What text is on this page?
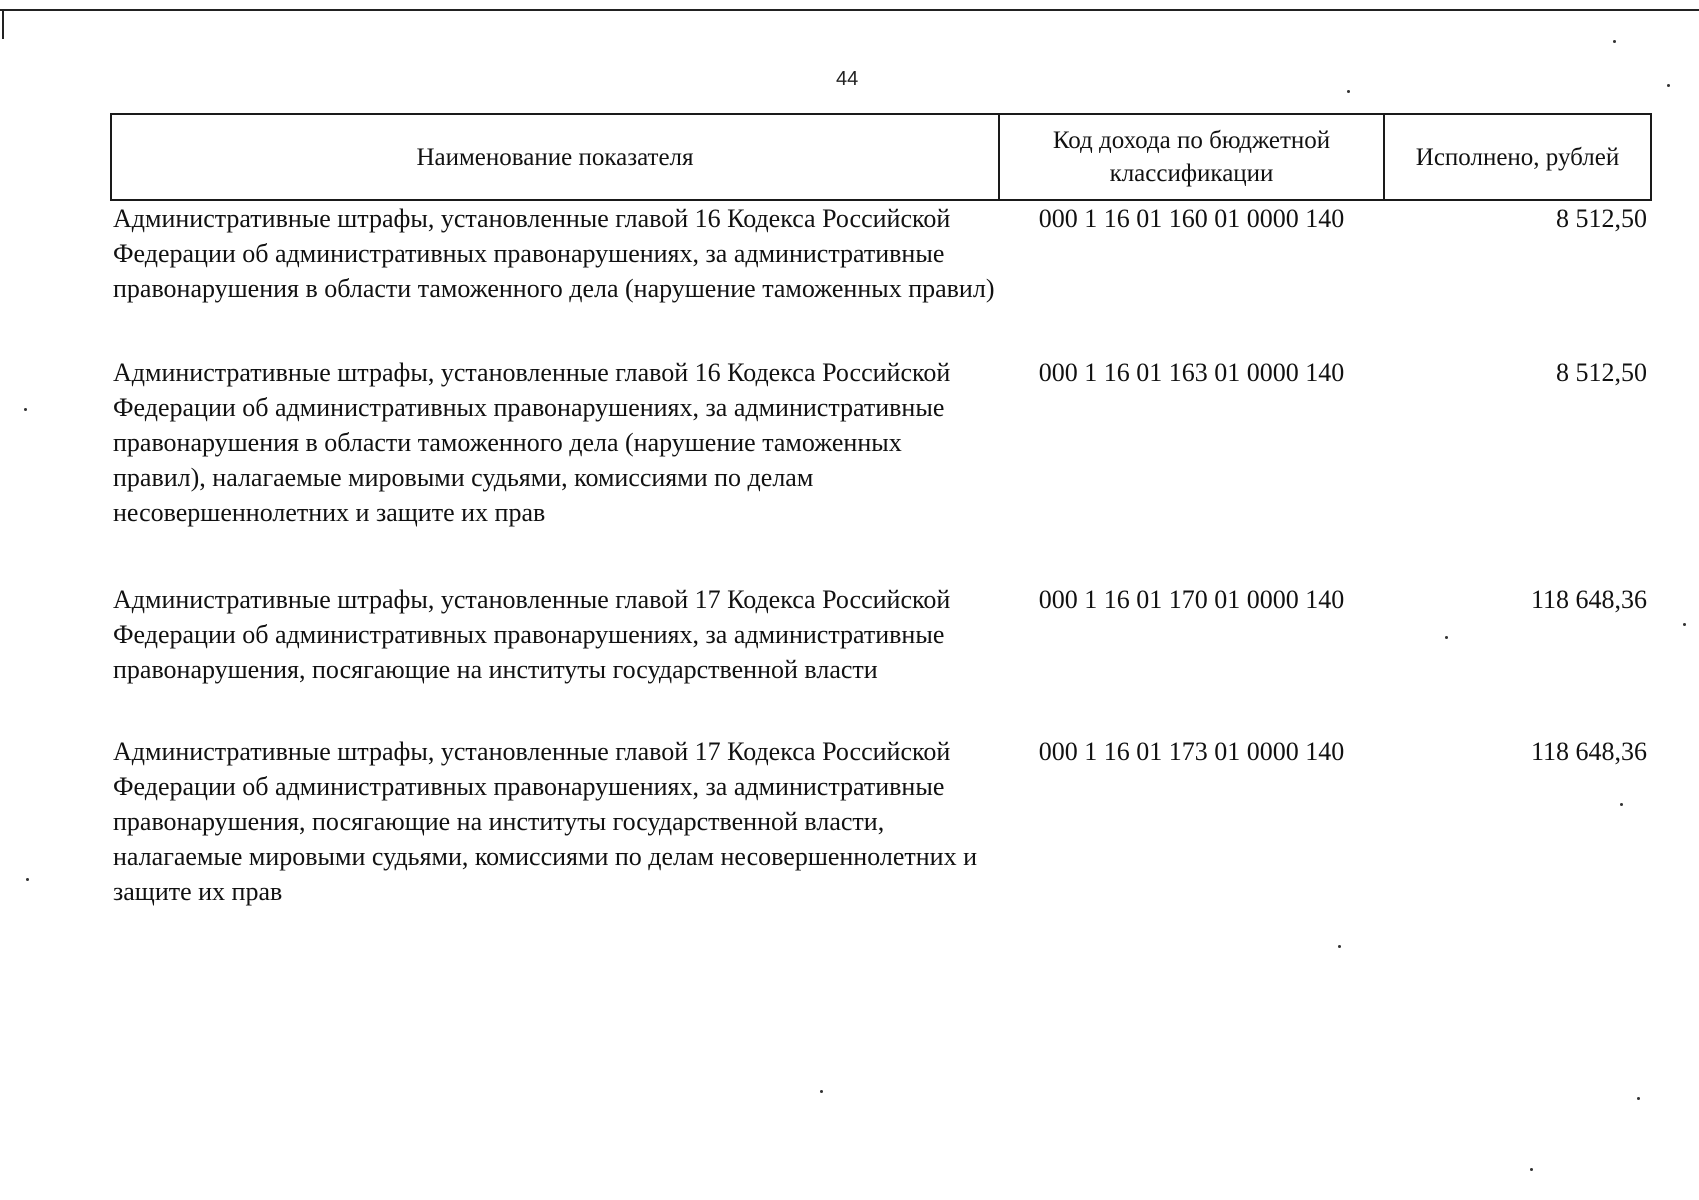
44
Наименование показателя	Код дохода по бюджетной классификации	Исполнено, рублей
Административные штрафы, установленные главой 16 Кодекса Российской Федерации об административных правонарушениях, за административные правонарушения в области таможенного дела (нарушение таможенных правил)	000 1 16 01 160 01 0000 140	8 512,50
Административные штрафы, установленные главой 16 Кодекса Российской Федерации об административных правонарушениях, за административные правонарушения в области таможенного дела (нарушение таможенных правил), налагаемые мировыми судьями, комиссиями по делам несовершеннолетних и защите их прав	000 1 16 01 163 01 0000 140	8 512,50
Административные штрафы, установленные главой 17 Кодекса Российской Федерации об административных правонарушениях, за административные правонарушения, посягающие на институты государственной власти	000 1 16 01 170 01 0000 140	118 648,36
Административные штрафы, установленные главой 17 Кодекса Российской Федерации об административных правонарушениях, за административные правонарушения, посягающие на институты государственной власти, налагаемые мировыми судьями, комиссиями по делам несовершеннолетних и защите их прав	000 1 16 01 173 01 0000 140	118 648,36
